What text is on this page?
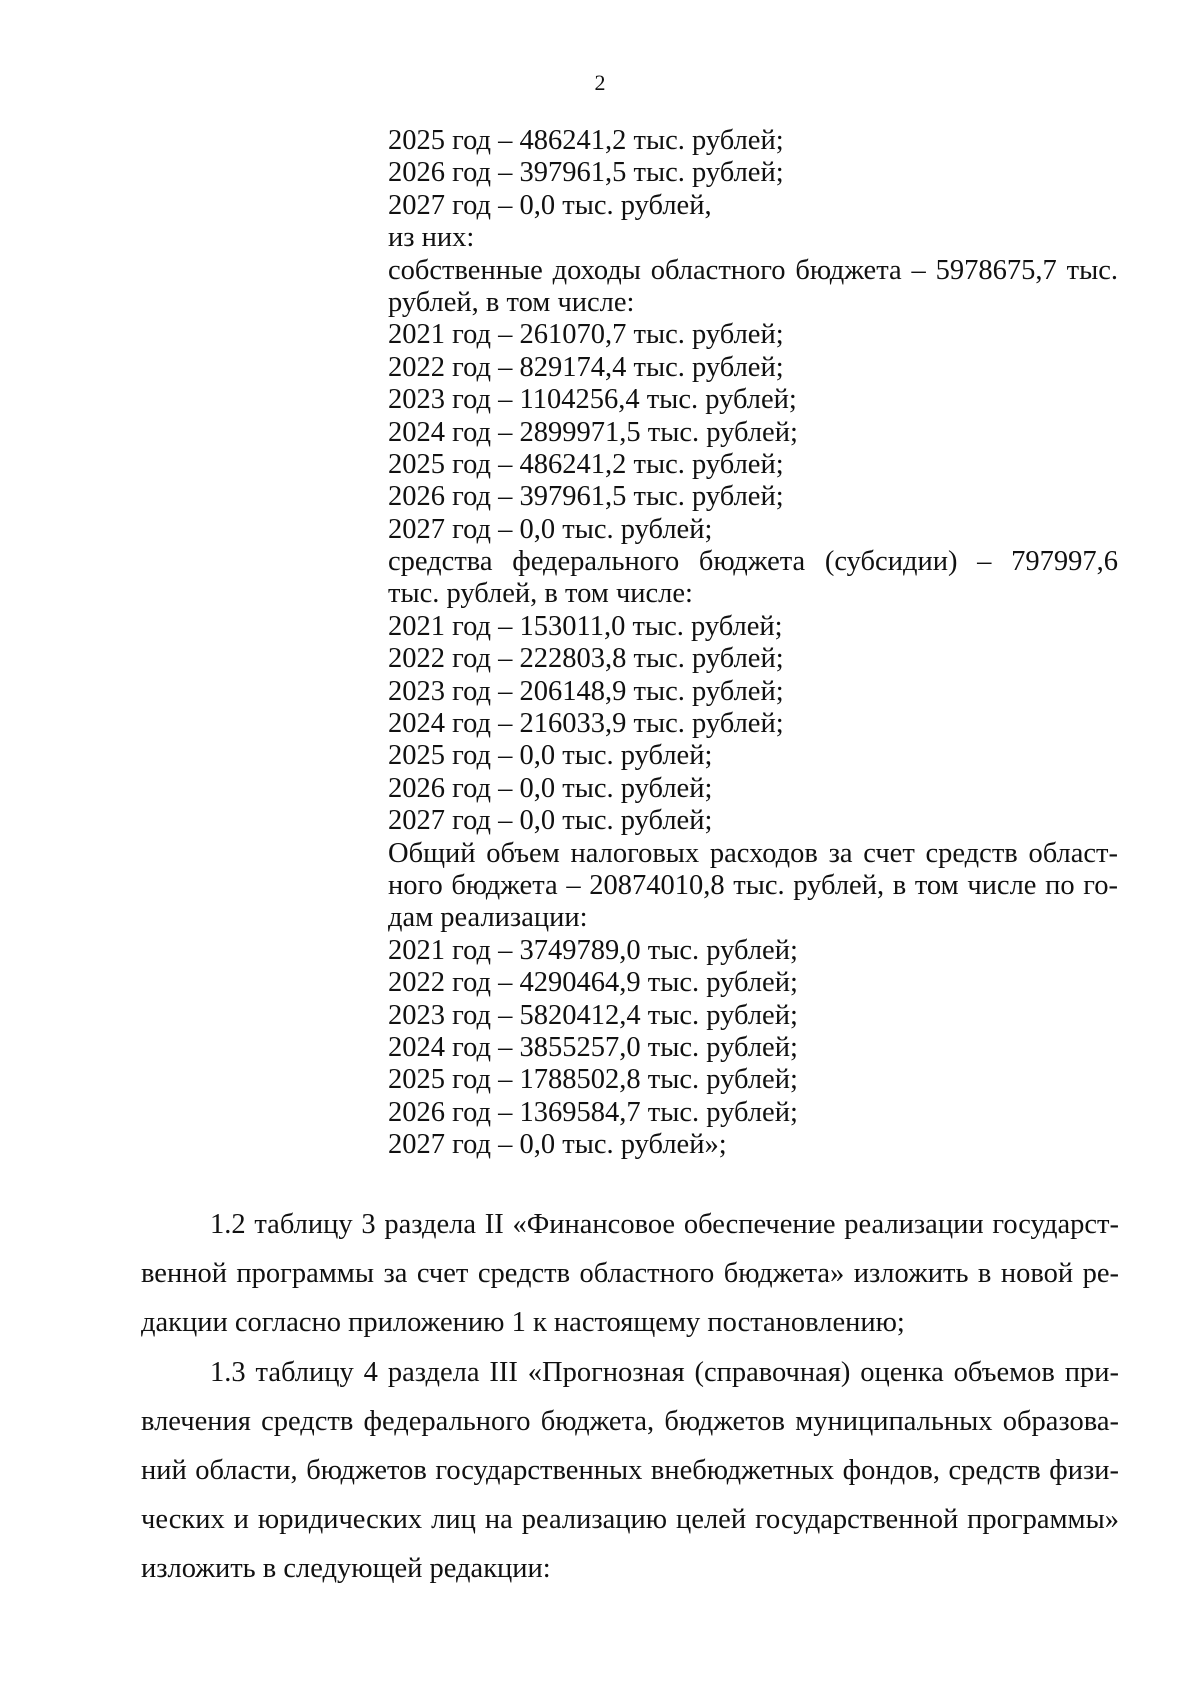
2
2025 год – 486241,2 тыс. рублей;
2026 год – 397961,5 тыс. рублей;
2027 год – 0,0 тыс. рублей,
из них:
собственные доходы областного бюджета – 5978675,7 тыс.
рублей, в том числе:
2021 год – 261070,7 тыс. рублей;
2022 год – 829174,4 тыс. рублей;
2023 год – 1104256,4 тыс. рублей;
2024 год – 2899971,5 тыс. рублей;
2025 год – 486241,2 тыс. рублей;
2026 год – 397961,5 тыс. рублей;
2027 год – 0,0 тыс. рублей;
средства федерального бюджета (субсидии) – 797997,6
тыс. рублей, в том числе:
2021 год – 153011,0 тыс. рублей;
2022 год – 222803,8 тыс. рублей;
2023 год – 206148,9 тыс. рублей;
2024 год – 216033,9 тыс. рублей;
2025 год – 0,0 тыс. рублей;
2026 год – 0,0 тыс. рублей;
2027 год – 0,0 тыс. рублей;
Общий объем налоговых расходов за счет средств област-
ного бюджета – 20874010,8 тыс. рублей, в том числе по го-
дам реализации:
2021 год – 3749789,0 тыс. рублей;
2022 год – 4290464,9 тыс. рублей;
2023 год – 5820412,4 тыс. рублей;
2024 год – 3855257,0 тыс. рублей;
2025 год – 1788502,8 тыс. рублей;
2026 год – 1369584,7 тыс. рублей;
2027 год – 0,0 тыс. рублей»;
1.2 таблицу 3 раздела II «Финансовое обеспечение реализации государст-
венной программы за счет средств областного бюджета» изложить в новой ре-
дакции согласно приложению 1 к настоящему постановлению;
1.3 таблицу 4 раздела III «Прогнозная (справочная) оценка объемов при-
влечения средств федерального бюджета, бюджетов муниципальных образова-
ний области, бюджетов государственных внебюджетных фондов, средств физи-
ческих и юридических лиц на реализацию целей государственной программы»
изложить в следующей редакции:
